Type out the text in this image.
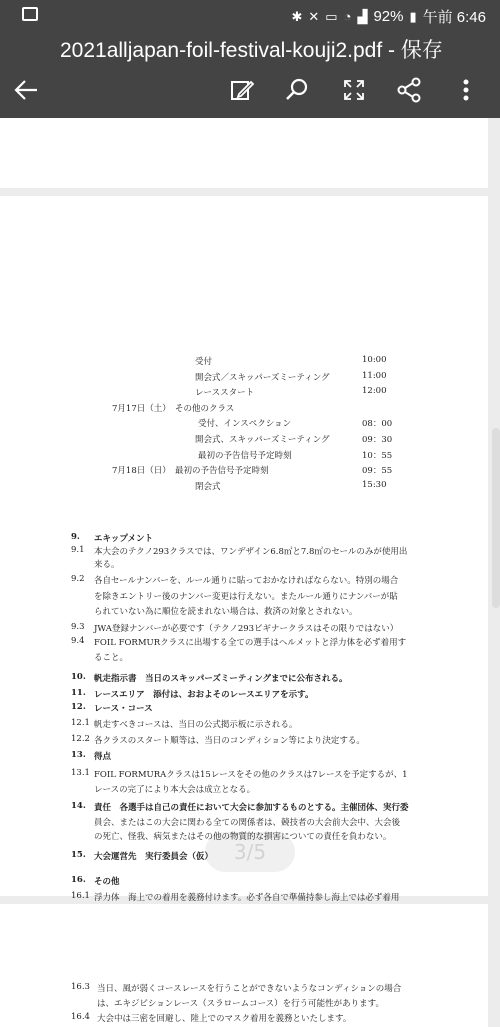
✱ ✕ ▭ ◔ ▟ 92% ▮ 午前 6:46
2021alljapan-foil-festival-kouji2.pdf - 保存
受付	10:00
開会式／スキッパーズミーティング	11:00
レーススタート	12:00
7月17日（土）　その他のクラス
受付、インスペクション	08：00
開会式、スキッパーズミーティング	09：30
最初の予告信号予定時刻	10：55
7月18日（日）　最初の予告信号予定時刻	09：55
閉会式	15:30
9. エキップメント
9.1 本大会のテクノ293クラスでは、ワンデザイン6.8㎡と7.8㎡のセールのみが使用出
来る。
9.2 各自セールナンバーを、ルール通りに貼っておかなければならない。特別の場合
を除きエントリー後のナンバー変更は行えない。またルール通りにナンバーが貼
られていない為に順位を読まれない場合は、救済の対象とされない。
9.3 JWA登録ナンバーが必要です（テクノ293ビギナークラスはその限りではない）
9.4 FOIL FORMURクラスに出場する全ての選手はヘルメットと浮力体を必ず着用す
ること。
10. 帆走指示書　当日のスキッパーズミーティングまでに公布される。
11. レースエリア　添付は、おおよそのレースエリアを示す。
12. レース・コース
12.1 帆走すべきコースは、当日の公式掲示板に示される。
12.2 各クラスのスタート順等は、当日のコンディション等により決定する。
13. 得点
13.1 FOIL FORMURAクラスは15レースをその他のクラスは7レースを予定するが、1
レースの完了により本大会は成立となる。
14. 責任　各選手は自己の責任において大会に参加するものとする。主催団体、実行委
員会、またはこの大会に関わる全ての関係者は、競技者の大会前大会中、大会後
の死亡、怪我、病気またはその他の物質的な損害についての責任を負わない。
15. 大会運営先　実行委員会（仮）
16. その他
16.1 浮力体　海上での着用を義務付けます。必ず各自で準備持参し海上では必ず着用
16.3 当日、風が弱くコースレースを行うことができないようなコンディションの場合
は、エキジビションレース（スラロームコース）を行う可能性があります。
16.4 大会中は三密を回避し、陸上でのマスク着用を義務といたします。
3/5
